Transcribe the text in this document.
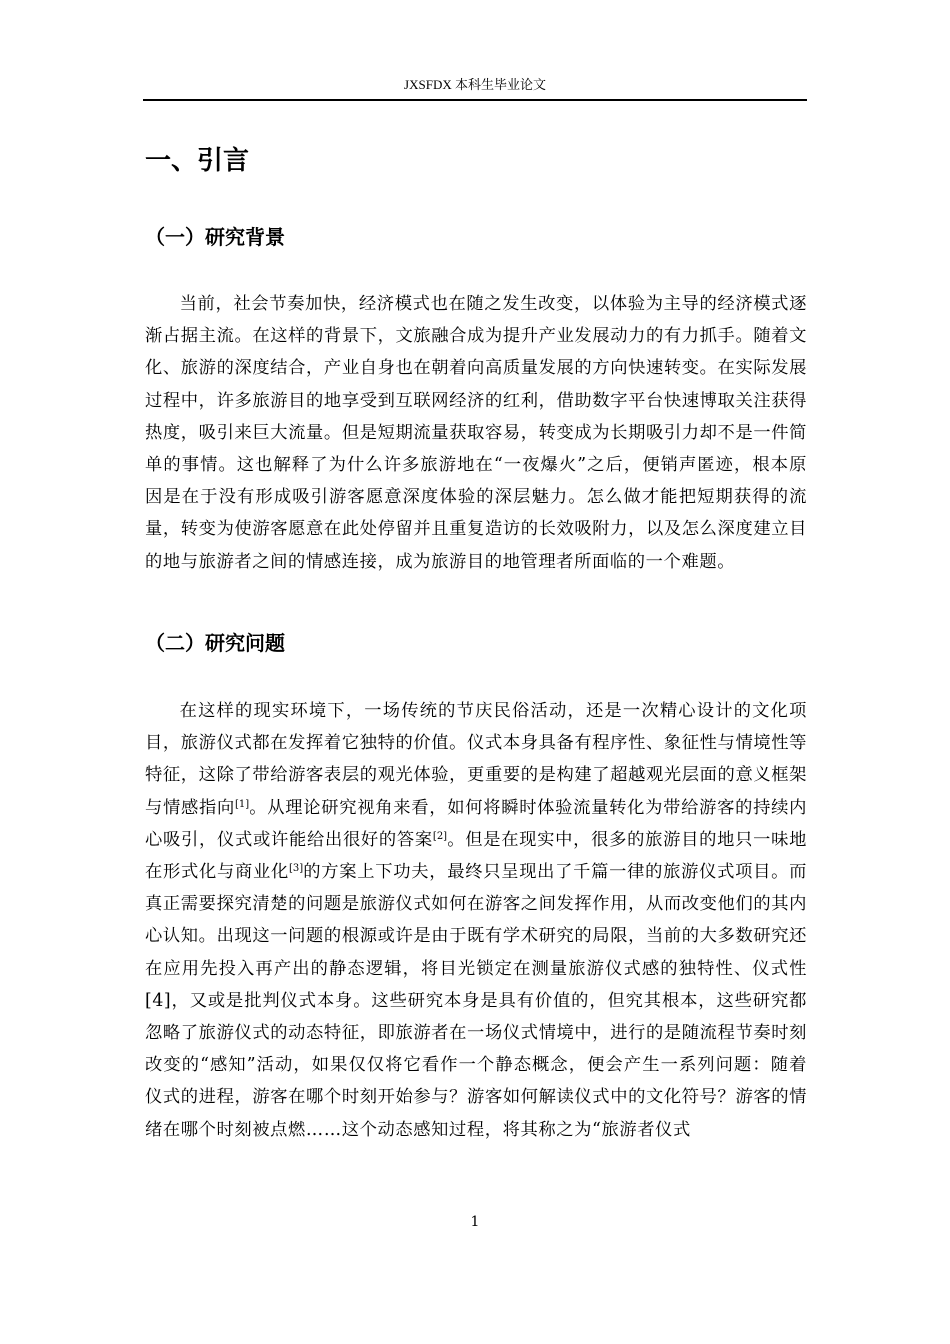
JXSFDX 本科生毕业论文
一、引言
（一）研究背景

当前，社会节奏加快，经济模式也在随之发生改变，以体验为主导的经济模式逐渐占据主流。在这样的背景下，文旅融合成为提升产业发展动力的有力抓手。随着文化、旅游的深度结合，产业自身也在朝着向高质量发展的方向快速转变。在实际发展过程中，许多旅游目的地享受到互联网经济的红利，借助数字平台快速博取关注获得热度，吸引来巨大流量。但是短期流量获取容易，转变成为长期吸引力却不是一件简单的事情。这也解释了为什么许多旅游地在“一夜爆火”之后，便销声匿迹，根本原因是在于没有形成吸引游客愿意深度体验的深层魅力。怎么做才能把短期获得的流量，转变为使游客愿意在此处停留并且重复造访的长效吸附力，以及怎么深度建立目的地与旅游者之间的情感连接，成为旅游目的地管理者所面临的一个难题。

（二）研究问题

在这样的现实环境下，一场传统的节庆民俗活动，还是一次精心设计的文化项目，旅游仪式都在发挥着它独特的价值。仪式本身具备有程序性、象征性与情境性等特征，这除了带给游客表层的观光体验，更重要的是构建了超越观光层面的意义框架与情感指向[1]。从理论研究视角来看，如何将瞬时体验流量转化为带给游客的持续内心吸引，仪式或许能给出很好的答案[2]。但是在现实中，很多的旅游目的地只一味地在形式化与商业化[3]的方案上下功夫，最终只呈现出了千篇一律的旅游仪式项目。而真正需要探究清楚的问题是旅游仪式如何在游客之间发挥作用，从而改变他们的其内心认知。出现这一问题的根源或许是由于既有学术研究的局限，当前的大多数研究还在应用先投入再产出的静态逻辑，将目光锁定在测量旅游仪式感的独特性、仪式性[4]，又或是批判仪式本身。这些研究本身是具有价值的，但究其根本，这些研究都忽略了旅游仪式的动态特征，即旅游者在一场仪式情境中，进行的是随流程节奏时刻改变的“感知”活动，如果仅仅将它看作一个静态概念，便会产生一系列问题：随着仪式的进程，游客在哪个时刻开始参与？游客如何解读仪式中的文化符号？游客的情绪在哪个时刻被点燃……这个动态感知过程，将其称之为“旅游者仪式

1
